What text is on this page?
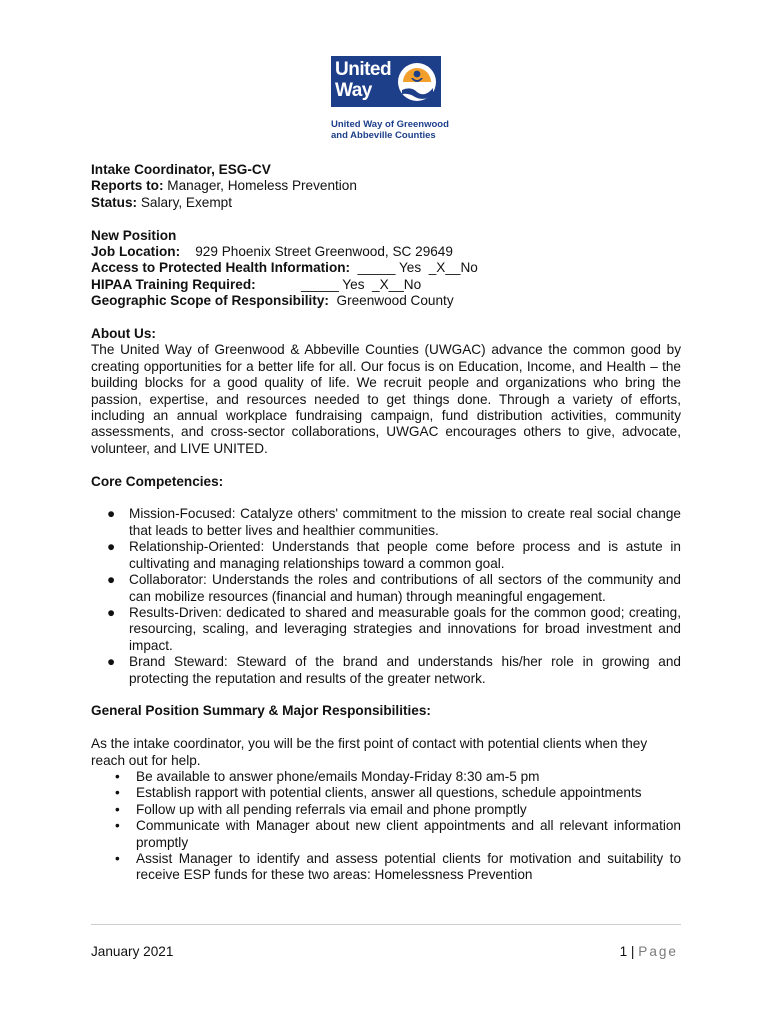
United
Way
United Way of Greenwood
and Abbeville Counties

Intake Coordinator, ESG-CV

Reports to: Manager, Homeless Prevention

Status: Salary, Exempt

New Position

Job Location:    929 Phoenix Street Greenwood, SC 29649

Access to Protected Health Information:  _____ Yes  _X__No

HIPAA Training Required:            _____ Yes  _X__No

Geographic Scope of Responsibility:  Greenwood County

About Us:

The United Way of Greenwood & Abbeville Counties (UWGAC) advance the common good by creating opportunities for a better life for all. Our focus is on Education, Income, and Health – the building blocks for a good quality of life. We recruit people and organizations who bring the passion, expertise, and resources needed to get things done. Through a variety of efforts, including an annual workplace fundraising campaign, fund distribution activities, community assessments, and cross-sector collaborations, UWGAC encourages others to give, advocate, volunteer, and LIVE UNITED.

Core Competencies:

● Mission-Focused: Catalyze others' commitment to the mission to create real social change that leads to better lives and healthier communities.
● Relationship-Oriented: Understands that people come before process and is astute in cultivating and managing relationships toward a common goal.
● Collaborator: Understands the roles and contributions of all sectors of the community and can mobilize resources (financial and human) through meaningful engagement.
● Results-Driven: dedicated to shared and measurable goals for the common good; creating, resourcing, scaling, and leveraging strategies and innovations for broad investment and impact.
● Brand Steward: Steward of the brand and understands his/her role in growing and protecting the reputation and results of the greater network.

General Position Summary & Major Responsibilities:

As the intake coordinator, you will be the first point of contact with potential clients when they reach out for help.

• Be available to answer phone/emails Monday-Friday 8:30 am-5 pm
• Establish rapport with potential clients, answer all questions, schedule appointments
• Follow up with all pending referrals via email and phone promptly
• Communicate with Manager about new client appointments and all relevant information promptly
• Assist Manager to identify and assess potential clients for motivation and suitability to receive ESP funds for these two areas: Homelessness Prevention
January 2021	1 | Page
